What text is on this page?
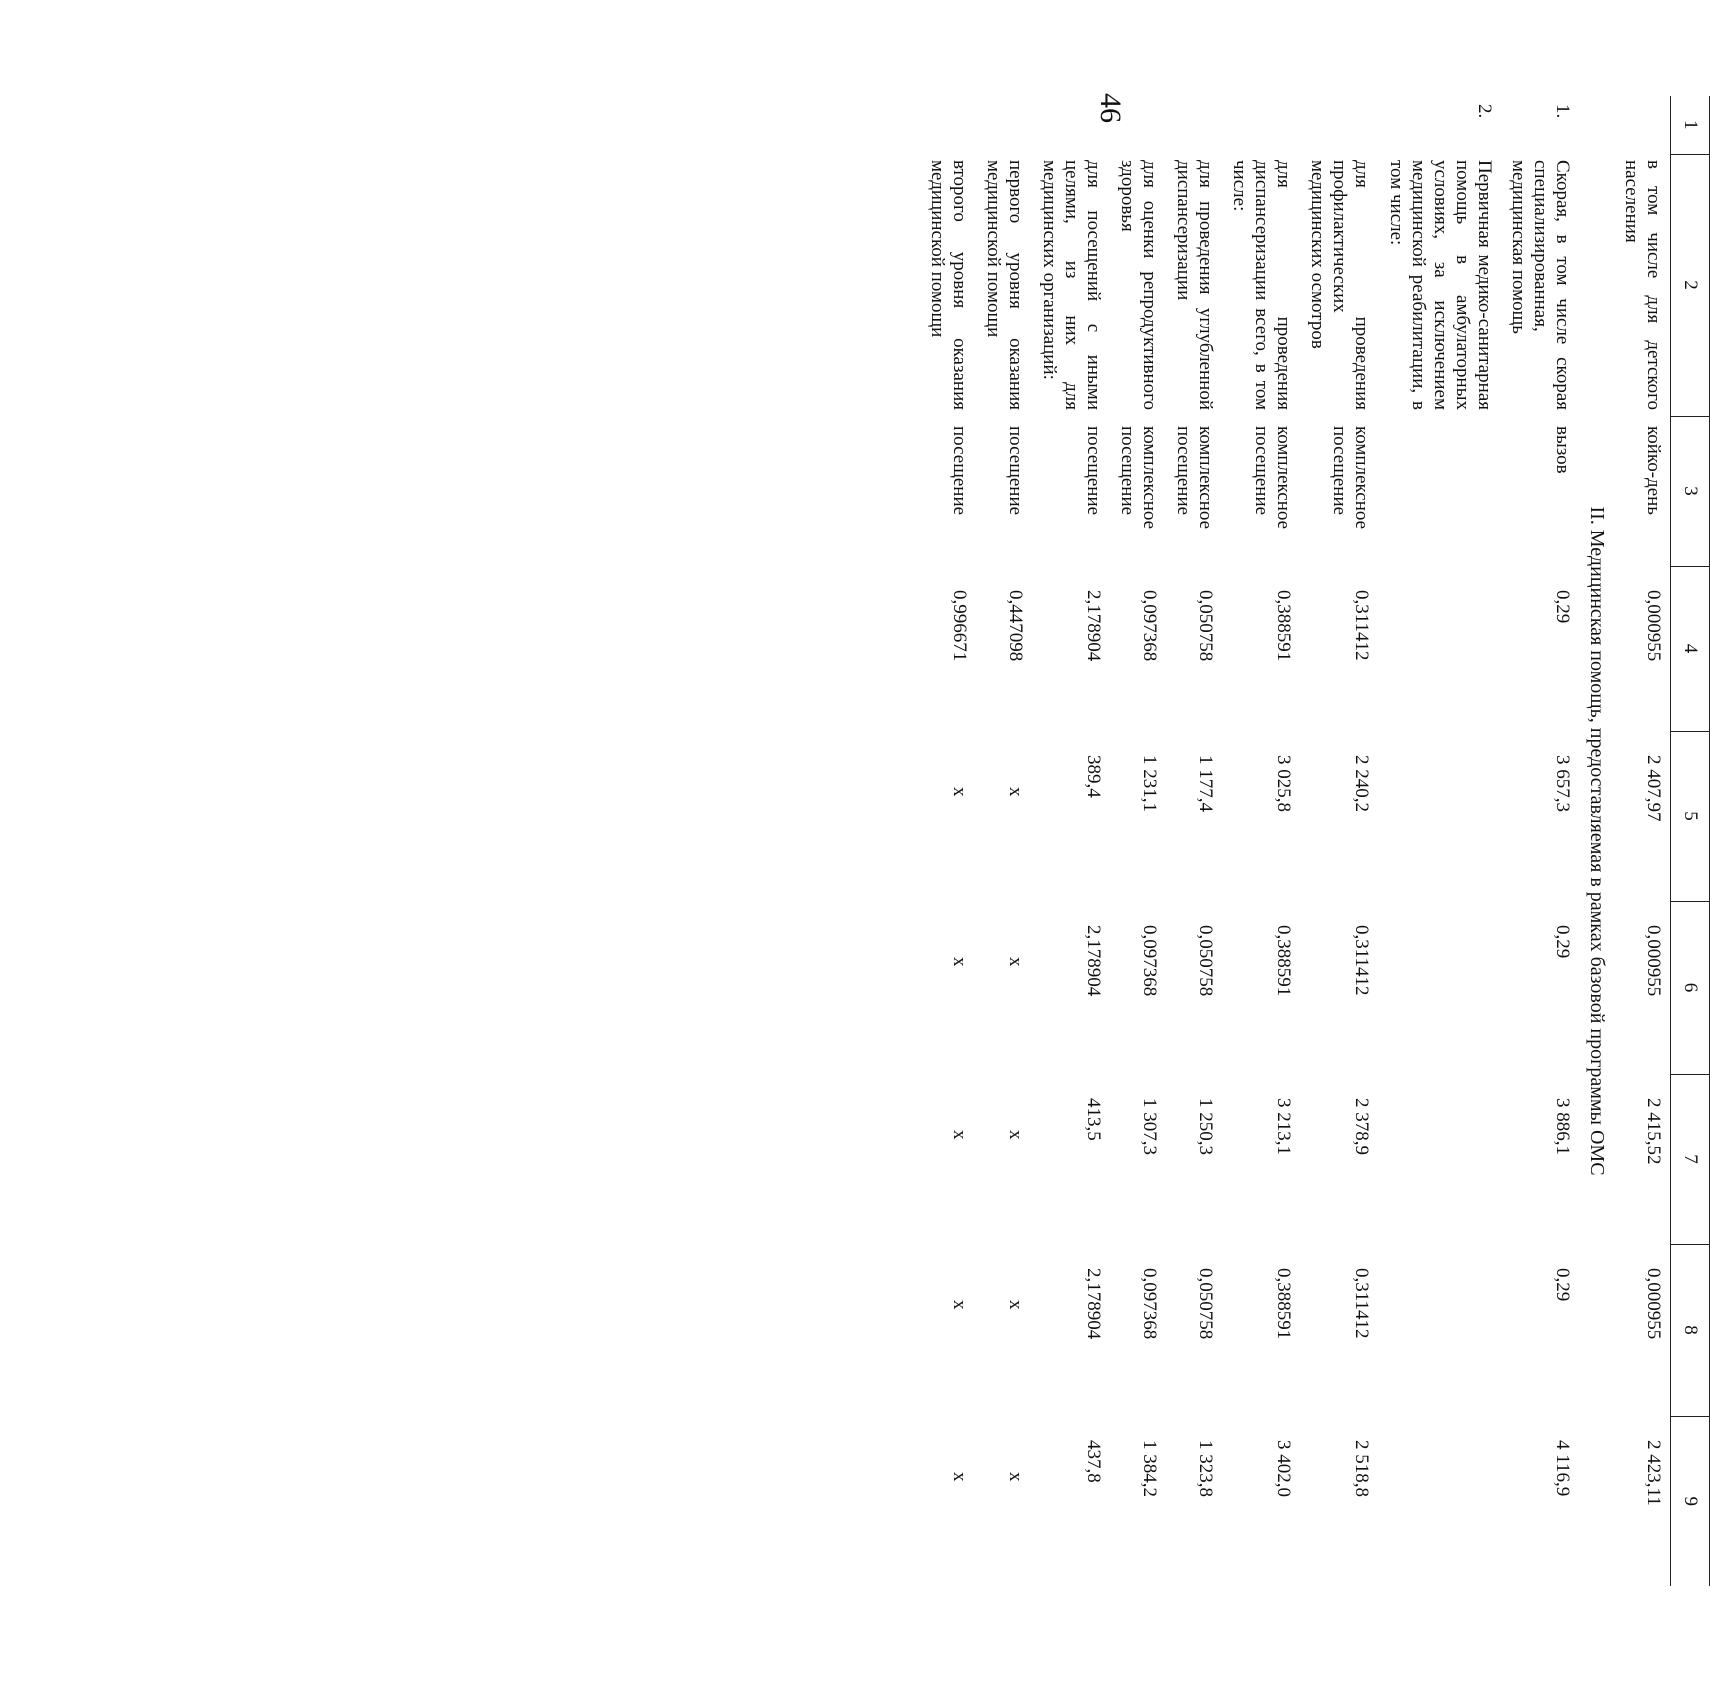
46
1	2	3	4	5	6	7	8	9
	в том числе для детского населения	койко-день	0,000955	2 407,97	0,000955	2 415,52	0,000955	2 423,11
II. Медицинская помощь, предоставляемая в рамках базовой программы ОМС								
1.	Скорая, в том числе скорая специализированная, медицинская помощь	вызов	0,29	3 657,3	0,29	3 886,1	0,29	4 116,9
2.	Первичная медико-санитарная помощь в амбулаторных условиях, за исключением медицинской реабилитации, в том числе:							
	для проведения профилактических медицинских осмотров	комплексное посещение	0,311412	2 240,2	0,311412	2 378,9	0,311412	2 518,8
	для проведения диспансеризации всего, в том числе:	комплексное посещение	0,388591	3 025,8	0,388591	3 213,1	0,388591	3 402,0
	для проведения углубленной диспансеризации	комплексное посещение	0,050758	1 177,4	0,050758	1 250,3	0,050758	1 323,8
	для оценки репродуктивного здоровья	комплексное посещение	0,097368	1 231,1	0,097368	1 307,3	0,097368	1 384,2
	для посещений с иными целями, из них для медицинских организаций:	посещение	2,178904	389,4	2,178904	413,5	2,178904	437,8
	первого уровня оказания медицинской помощи	посещение	0,447098	х	х	х	х	х
	второго уровня оказания медицинской помощи	посещение	0,996671	х	х	х	х	х
